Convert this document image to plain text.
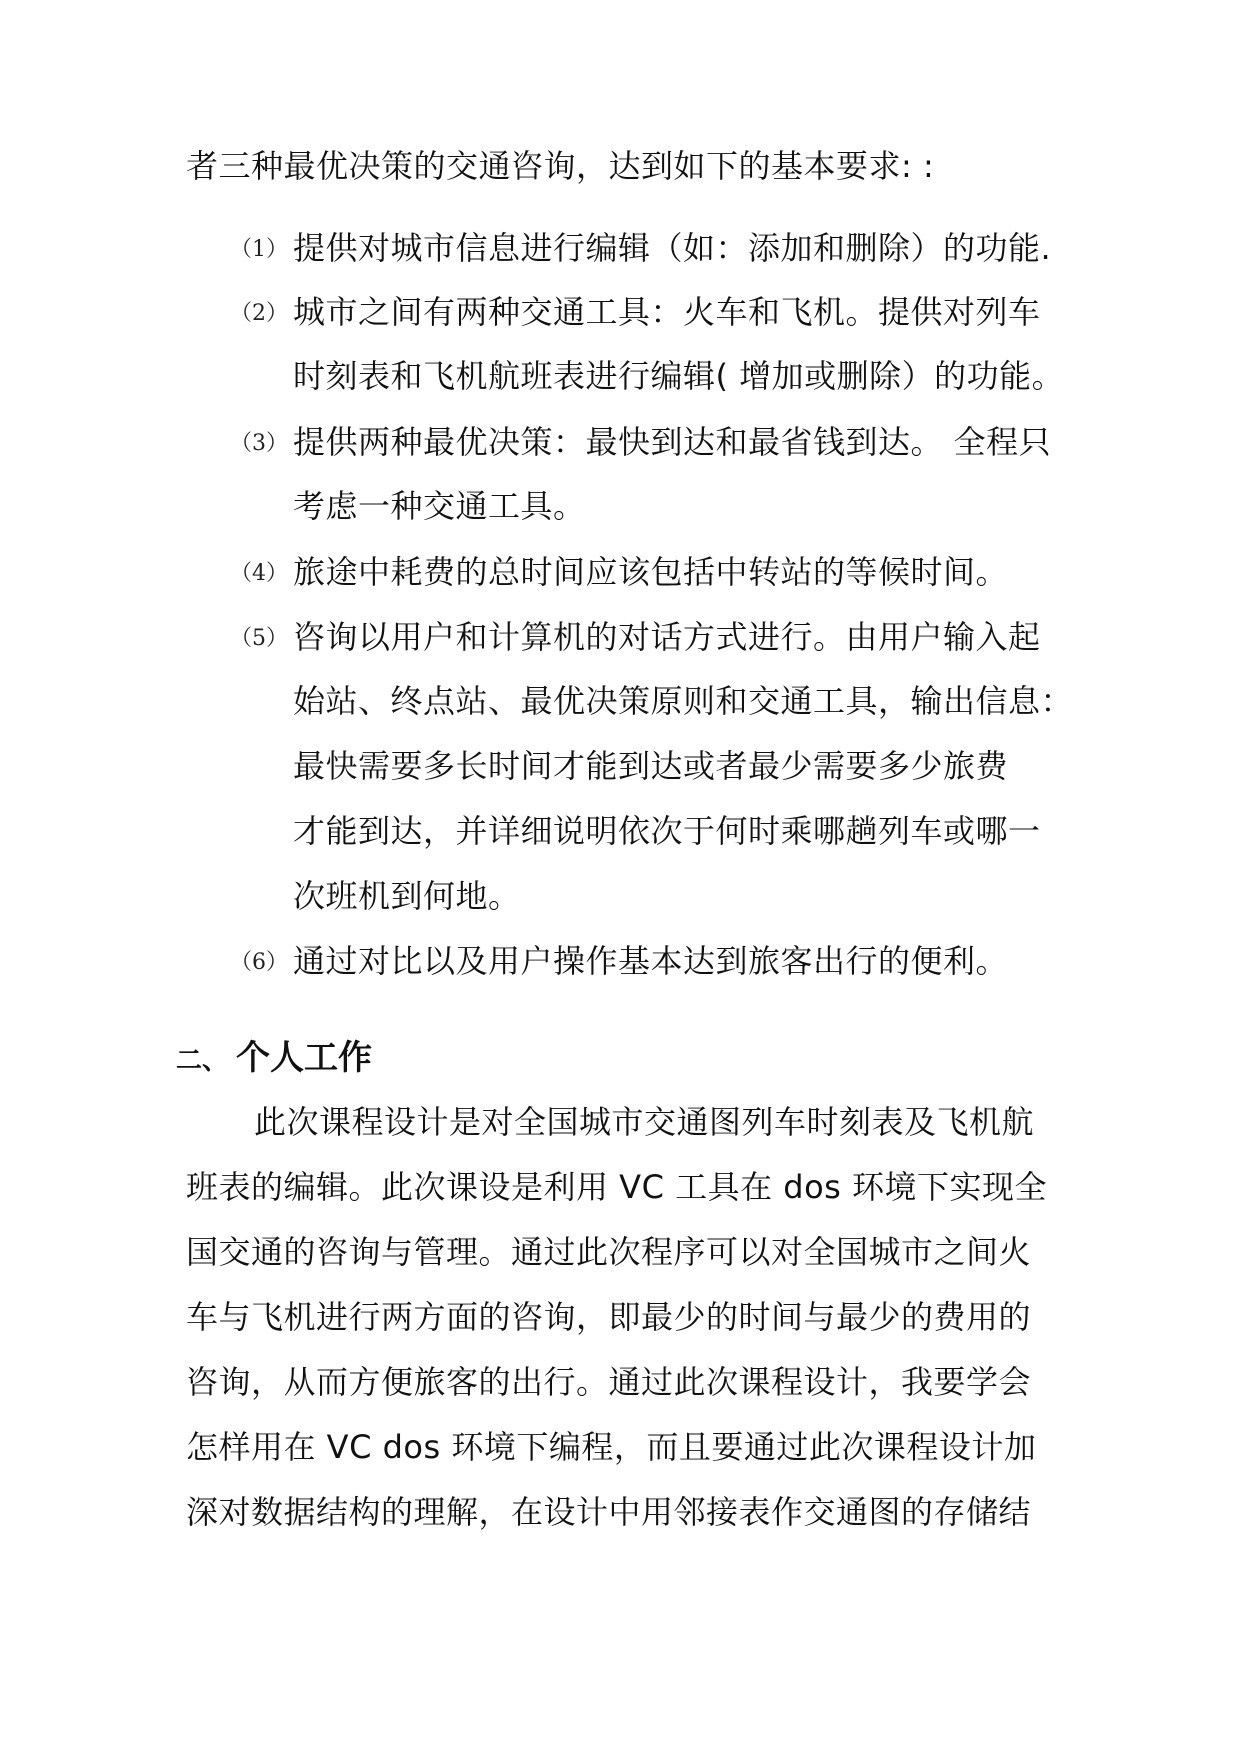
者三种最优决策的交通咨询，达到如下的基本要求: :
（1） 提供对城市信息进行编辑（如：添加和删除）的功能.
（2） 城市之间有两种交通工具：火车和飞机。提供对列车
时刻表和飞机航班表进行编辑( 增加或删除）的功能。
（3） 提供两种最优决策：最快到达和最省钱到达。 全程只
考虑一种交通工具。
（4） 旅途中耗费的总时间应该包括中转站的等候时间。
（5） 咨询以用户和计算机的对话方式进行。由用户输入起
始站、终点站、最优决策原则和交通工具，输出信息：
最快需要多长时间才能到达或者最少需要多少旅费
才能到达，并详细说明依次于何时乘哪趟列车或哪一
次班机到何地。
（6） 通过对比以及用户操作基本达到旅客出行的便利。
二、 个人工作
此次课程设计是对全国城市交通图列车时刻表及飞机航
班表的编辑。此次课设是利用 VC 工具在 dos 环境下实现全
国交通的咨询与管理。通过此次程序可以对全国城市之间火
车与飞机进行两方面的咨询，即最少的时间与最少的费用的
咨询，从而方便旅客的出行。通过此次课程设计，我要学会
怎样用在 VC dos 环境下编程，而且要通过此次课程设计加
深对数据结构的理解，在设计中用邻接表作交通图的存储结
